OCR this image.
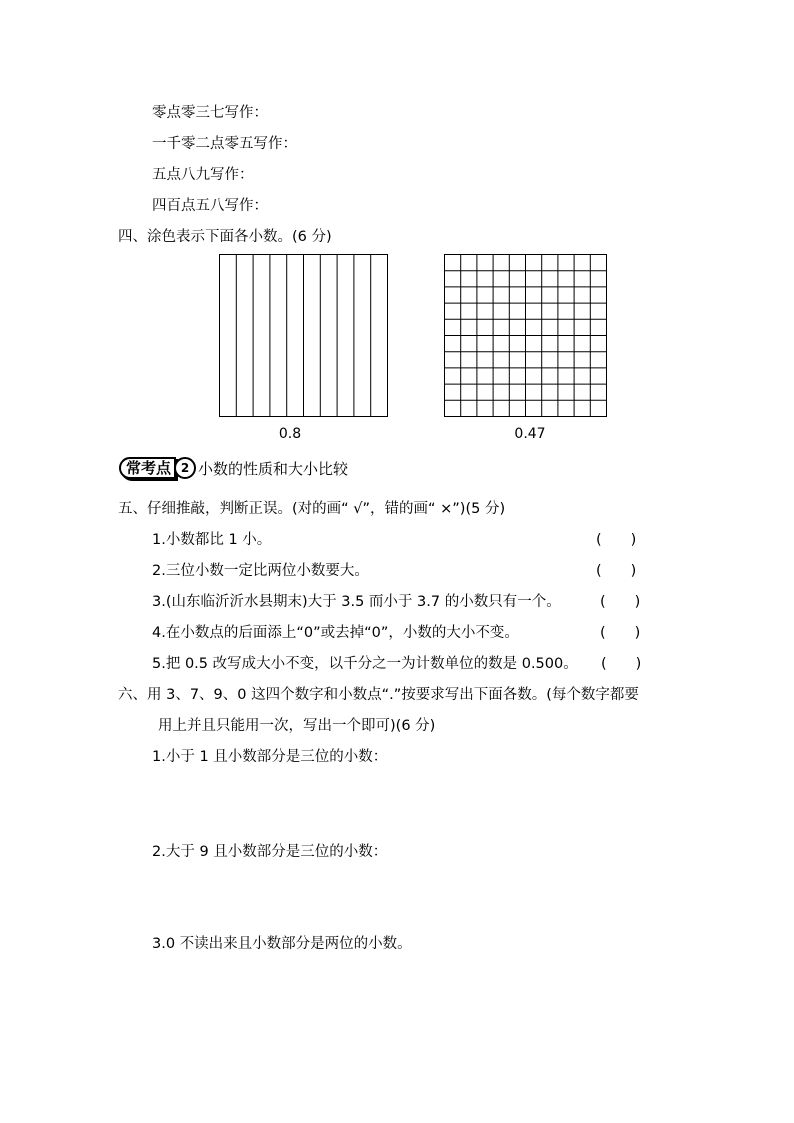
零点零三七写作：
一千零二点零五写作：
五点八九写作：
四百点五八写作：
四、涂色表示下面各小数。(6 分)
0.8	0.47
常考点 2 小数的性质和大小比较
五、仔细推敲，判断正误。(对的画“ √”，错的画“ ×”)(5 分)
1.小数都比 1 小。	(　　)
2.三位小数一定比两位小数要大。	(　　)
3.(山东临沂沂水县期末)大于 3.5 而小于 3.7 的小数只有一个。	(　　)
4.在小数点的后面添上“0”或去掉“0”，小数的大小不变。	(　　)
5.把 0.5 改写成大小不变，以千分之一为计数单位的数是 0.500。 (　　)
六、用 3、7、9、0 这四个数字和小数点“.”按要求写出下面各数。(每个数字都要
用上并且只能用一次，写出一个即可)(6 分)
1.小于 1 且小数部分是三位的小数：
2.大于 9 且小数部分是三位的小数：
3.0 不读出来且小数部分是两位的小数。
